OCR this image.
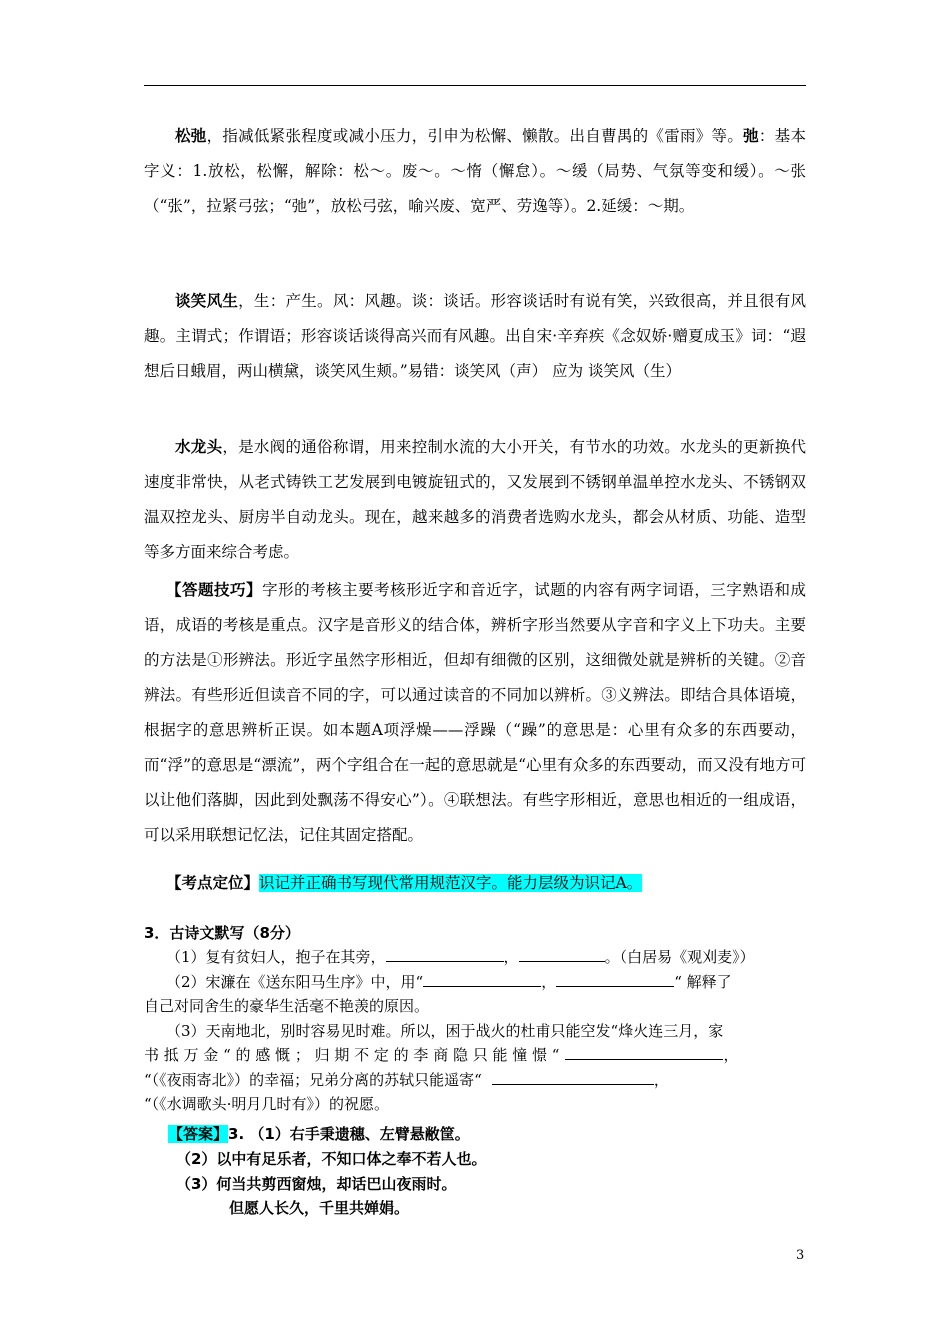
松弛，指减低紧张程度或减小压力，引申为松懈、懒散。出自曹禺的《雷雨》等。弛：基本字义：1.放松，松懈，解除：松～。废～。～惰（懈怠）。～缓（局势、气氛等变和缓）。～张（“张”，拉紧弓弦；“弛”，放松弓弦，喻兴废、宽严、劳逸等）。2.延缓：～期。
谈笑风生，生：产生。风：风趣。谈：谈话。形容谈话时有说有笑，兴致很高，并且很有风趣。主谓式；作谓语；形容谈话谈得高兴而有风趣。出自宋·辛弃疾《念奴娇·赠夏成玉》词：“遐想后日蛾眉，两山横黛，谈笑风生颊。”易错：谈笑风（声） 应为 谈笑风（生）
水龙头，是水阀的通俗称谓，用来控制水流的大小开关，有节水的功效。水龙头的更新换代速度非常快，从老式铸铁工艺发展到电镀旋钮式的，又发展到不锈钢单温单控水龙头、不锈钢双温双控龙头、厨房半自动龙头。现在，越来越多的消费者选购水龙头，都会从材质、功能、造型等多方面来综合考虑。
【答题技巧】字形的考核主要考核形近字和音近字，试题的内容有两字词语，三字熟语和成语，成语的考核是重点。汉字是音形义的结合体，辨析字形当然要从字音和字义上下功夫。主要的方法是①形辨法。形近字虽然字形相近，但却有细微的区别，这细微处就是辨析的关键。②音辨法。有些形近但读音不同的字，可以通过读音的不同加以辨析。③义辨法。即结合具体语境，根据字的意思辨析正误。如本题A项浮燥——浮躁（“躁”的意思是：心里有众多的东西要动，而“浮”的意思是“漂流”，两个字组合在一起的意思就是“心里有众多的东西要动，而又没有地方可以让他们落脚，因此到处飘荡不得安心”）。④联想法。有些字形相近，意思也相近的一组成语，可以采用联想记忆法，记住其固定搭配。
【考点定位】识记并正确书写现代常用规范汉字。能力层级为识记A。
3．古诗文默写（8分）
（1）复有贫妇人，抱子在其旁，	，	。（白居易《观刈麦》）
（2）宋濂在《送东阳马生序》中，用“	，	“ 解释了
自己对同舍生的豪华生活毫不艳羡的原因。
（3）天南地北，别时容易见时难。所以，困于战火的杜甫只能空发“烽火连三月，家
书 抵 万 金 “ 的 感 慨 ； 归 期 不 定 的 李 商 隐 只 能 憧 憬 “	，
“（《夜雨寄北》）的幸福；兄弟分离的苏轼只能遥寄“	，
“（《水调歌头·明月几时有》）的祝愿。
【答案】3. （1）右手秉遗穗、左臂悬敝筐。
（2）以中有足乐者，不知口体之奉不若人也。
（3）何当共剪西窗烛，却话巴山夜雨时。
但愿人长久，千里共婵娟。
3
